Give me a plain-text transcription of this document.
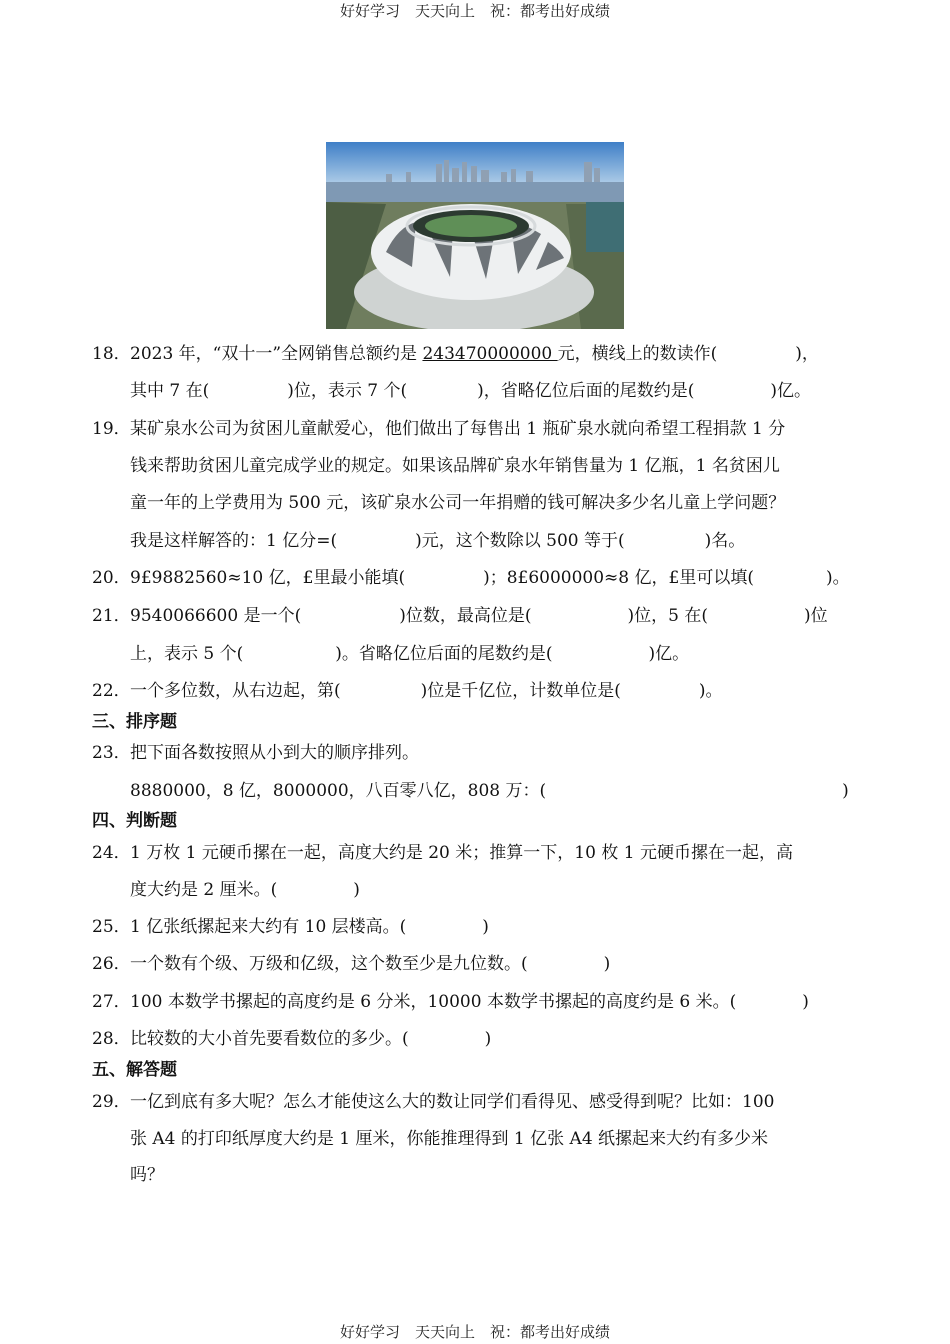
好好学习　天天向上　祝：都考出好成绩
18．2023 年，“双十一”全网销售总额约是 243470000000 元，横线上的数读作(	)，
其中 7 在(	)位，表示 7 个(	)，省略亿位后面的尾数约是(	)亿。
19．某矿泉水公司为贫困儿童献爱心，他们做出了每售出 1 瓶矿泉水就向希望工程捐款 1 分
钱来帮助贫困儿童完成学业的规定。如果该品牌矿泉水年销售量为 1 亿瓶，1 名贫困儿
童一年的上学费用为 500 元，该矿泉水公司一年捐赠的钱可解决多少名儿童上学问题？
我是这样解答的：1 亿分=(	)元，这个数除以 500 等于(	)名。
20．9£9882560≈10 亿，£里最小能填(	)；8£6000000≈8 亿，£里可以填(	)。
21．9540066600 是一个(	)位数，最高位是(	)位，5 在(	)位
上，表示 5 个(	)。省略亿位后面的尾数约是(	)亿。
22．一个多位数，从右边起，第(	)位是千亿位，计数单位是(	)。
三、排序题
23．把下面各数按照从小到大的顺序排列。
8880000，8 亿，8000000，八百零八亿，808 万：(	)
四、判断题
24．1 万枚 1 元硬币摞在一起，高度大约是 20 米；推算一下，10 枚 1 元硬币摞在一起，高
度大约是 2 厘米。(	)
25．1 亿张纸摞起来大约有 10 层楼高。(	)
26．一个数有个级、万级和亿级，这个数至少是九位数。(	)
27．100 本数学书摞起的高度约是 6 分米，10000 本数学书摞起的高度约是 6 米。(	)
28．比较数的大小首先要看数位的多少。(	)
五、解答题
29．一亿到底有多大呢？怎么才能使这么大的数让同学们看得见、感受得到呢？比如：100
张 A4 的打印纸厚度大约是 1 厘米，你能推理得到 1 亿张 A4 纸摞起来大约有多少米
吗？
好好学习　天天向上　祝：都考出好成绩
